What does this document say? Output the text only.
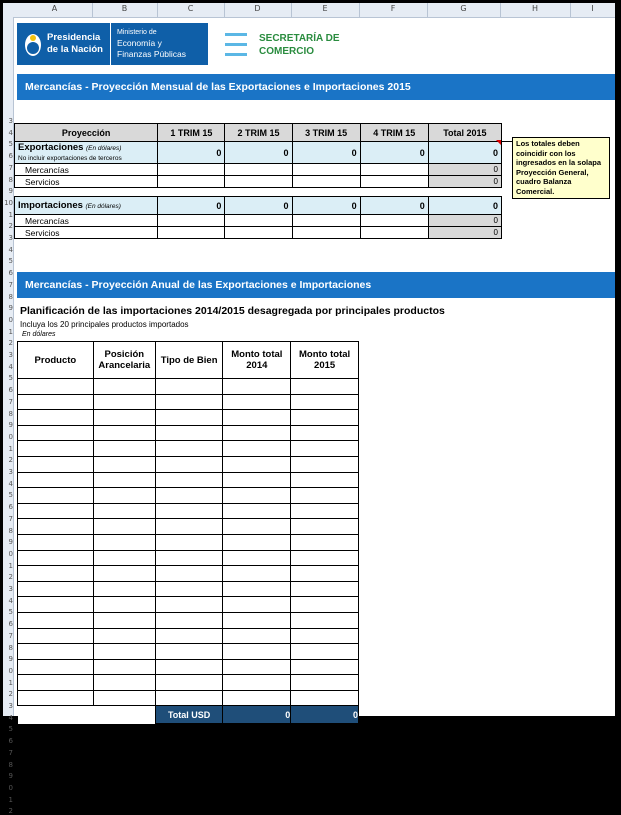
A	B	C	D	E	F	G	H	I
3
4
5
6
7
8
9
10
1
2
3
4
5
6
7
8
9
0
1
2
3
4
5
6
7
8
9
0
1
2
3
4
5
6
7
8
9
0
1
2
3
4
5
6
7
8
9
0
1
2
3
4
5
6
7
8
9
0
1
2
Presidencia
de la Nación
Ministerio de
Economía y
Finanzas Públicas
SECRETARÍA DE
COMERCIO
Mercancías - Proyección Mensual de las Exportaciones e Importaciones 2015
Proyección	1 TRIM 15	2 TRIM 15	3 TRIM 15	4 TRIM 15	Total 2015
Exportaciones (En dólares)
No incluir exportaciones de terceros	0	0	0	0	0
Mercancías					0
Servicios					0

Importaciones (En dólares)	0	0	0	0	0
Mercancías					0
Servicios					0
Los totales deben coincidir con los ingresados en la solapa Proyección General, cuadro Balanza Comercial.
Mercancías - Proyección Anual de las Exportaciones e Importaciones
Planificación de las importaciones 2014/2015 desagregada por principales productos
Incluya los 20 principales productos importados
En dólares
Producto	Posición Arancelaria	Tipo de Bien	Monto total 2014	Monto total 2015

		Total USD	0	0
